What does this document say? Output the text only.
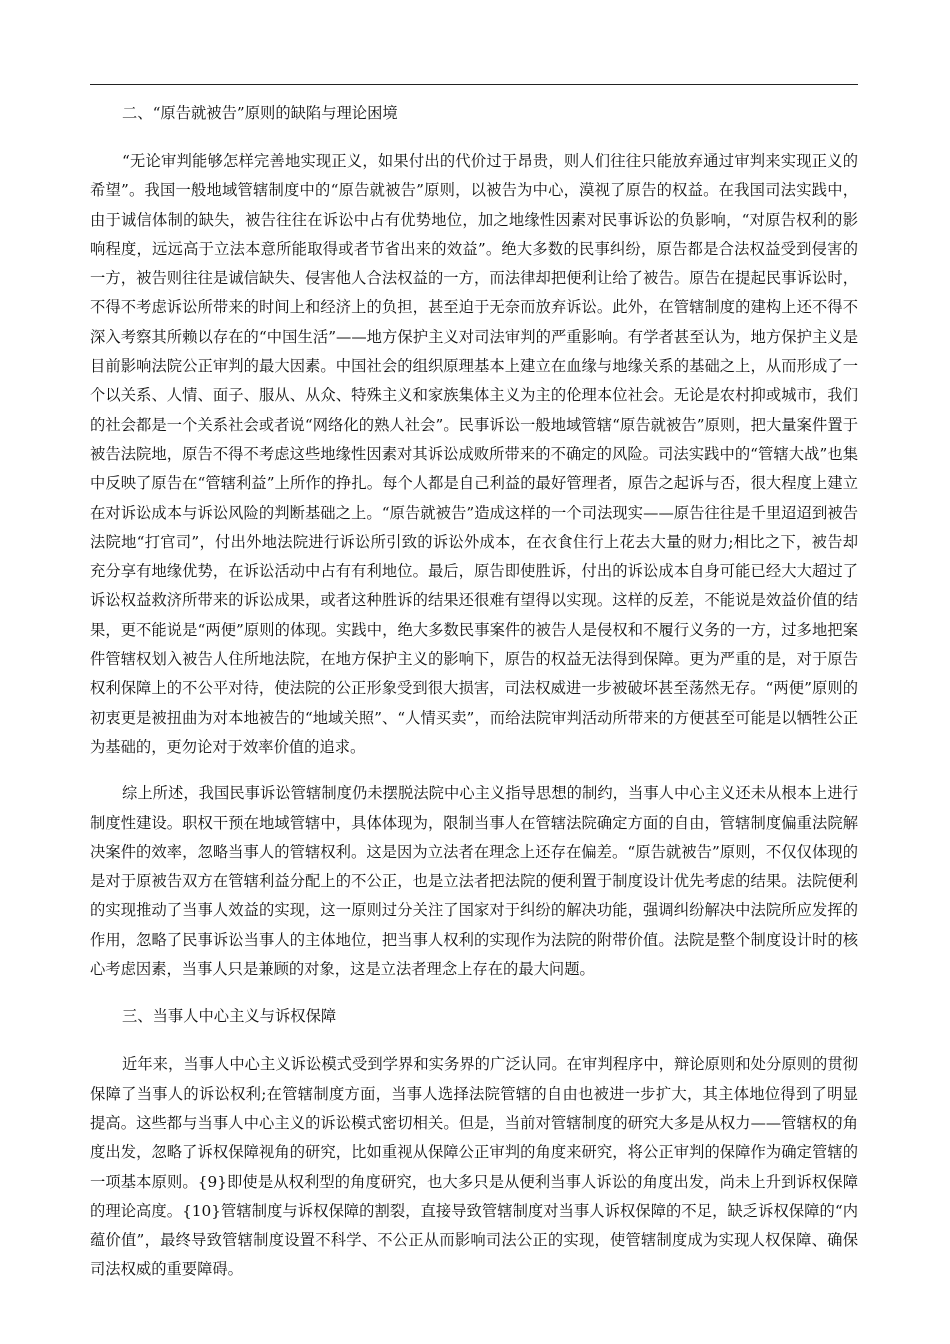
二、“原告就被告”原则的缺陷与理论困境

“无论审判能够怎样完善地实现正义，如果付出的代价过于昂贵，则人们往往只能放弃通过审判来实现正义的希望”。我国一般地域管辖制度中的“原告就被告”原则，以被告为中心，漠视了原告的权益。在我国司法实践中，由于诚信体制的缺失，被告往往在诉讼中占有优势地位，加之地缘性因素对民事诉讼的负影响，“对原告权利的影响程度，远远高于立法本意所能取得或者节省出来的效益”。绝大多数的民事纠纷，原告都是合法权益受到侵害的一方，被告则往往是诚信缺失、侵害他人合法权益的一方，而法律却把便利让给了被告。原告在提起民事诉讼时，不得不考虑诉讼所带来的时间上和经济上的负担，甚至迫于无奈而放弃诉讼。此外，在管辖制度的建构上还不得不深入考察其所赖以存在的“中国生活”——地方保护主义对司法审判的严重影响。有学者甚至认为，地方保护主义是目前影响法院公正审判的最大因素。中国社会的组织原理基本上建立在血缘与地缘关系的基础之上，从而形成了一个以关系、人情、面子、服从、从众、特殊主义和家族集体主义为主的伦理本位社会。无论是农村抑或城市，我们的社会都是一个关系社会或者说“网络化的熟人社会”。民事诉讼一般地域管辖“原告就被告”原则，把大量案件置于被告法院地，原告不得不考虑这些地缘性因素对其诉讼成败所带来的不确定的风险。司法实践中的“管辖大战”也集中反映了原告在“管辖利益”上所作的挣扎。每个人都是自己利益的最好管理者，原告之起诉与否，很大程度上建立在对诉讼成本与诉讼风险的判断基础之上。“原告就被告”造成这样的一个司法现实——原告往往是千里迢迢到被告法院地“打官司”，付出外地法院进行诉讼所引致的诉讼外成本，在衣食住行上花去大量的财力;相比之下，被告却充分享有地缘优势，在诉讼活动中占有有利地位。最后，原告即使胜诉，付出的诉讼成本自身可能已经大大超过了诉讼权益救济所带来的诉讼成果，或者这种胜诉的结果还很难有望得以实现。这样的反差，不能说是效益价值的结果，更不能说是“两便”原则的体现。实践中，绝大多数民事案件的被告人是侵权和不履行义务的一方，过多地把案件管辖权划入被告人住所地法院，在地方保护主义的影响下，原告的权益无法得到保障。更为严重的是，对于原告权利保障上的不公平对待，使法院的公正形象受到很大损害，司法权威进一步被破坏甚至荡然无存。“两便”原则的初衷更是被扭曲为对本地被告的“地域关照”、“人情买卖”，而给法院审判活动所带来的方便甚至可能是以牺牲公正为基础的，更勿论对于效率价值的追求。

综上所述，我国民事诉讼管辖制度仍未摆脱法院中心主义指导思想的制约，当事人中心主义还未从根本上进行制度性建设。职权干预在地域管辖中，具体体现为，限制当事人在管辖法院确定方面的自由，管辖制度偏重法院解决案件的效率，忽略当事人的管辖权利。这是因为立法者在理念上还存在偏差。“原告就被告”原则，不仅仅体现的是对于原被告双方在管辖利益分配上的不公正，也是立法者把法院的便利置于制度设计优先考虑的结果。法院便利的实现推动了当事人效益的实现，这一原则过分关注了国家对于纠纷的解决功能，强调纠纷解决中法院所应发挥的作用，忽略了民事诉讼当事人的主体地位，把当事人权利的实现作为法院的附带价值。法院是整个制度设计时的核心考虑因素，当事人只是兼顾的对象，这是立法者理念上存在的最大问题。

三、当事人中心主义与诉权保障

近年来，当事人中心主义诉讼模式受到学界和实务界的广泛认同。在审判程序中，辩论原则和处分原则的贯彻保障了当事人的诉讼权利;在管辖制度方面，当事人选择法院管辖的自由也被进一步扩大，其主体地位得到了明显提高。这些都与当事人中心主义的诉讼模式密切相关。但是，当前对管辖制度的研究大多是从权力——管辖权的角度出发，忽略了诉权保障视角的研究，比如重视从保障公正审判的角度来研究，将公正审判的保障作为确定管辖的一项基本原则。{9}即使是从权利型的角度研究，也大多只是从便利当事人诉讼的角度出发，尚未上升到诉权保障的理论高度。{10}管辖制度与诉权保障的割裂，直接导致管辖制度对当事人诉权保障的不足，缺乏诉权保障的“内蕴价值”，最终导致管辖制度设置不科学、不公正从而影响司法公正的实现，使管辖制度成为实现人权保障、确保司法权威的重要障碍。
